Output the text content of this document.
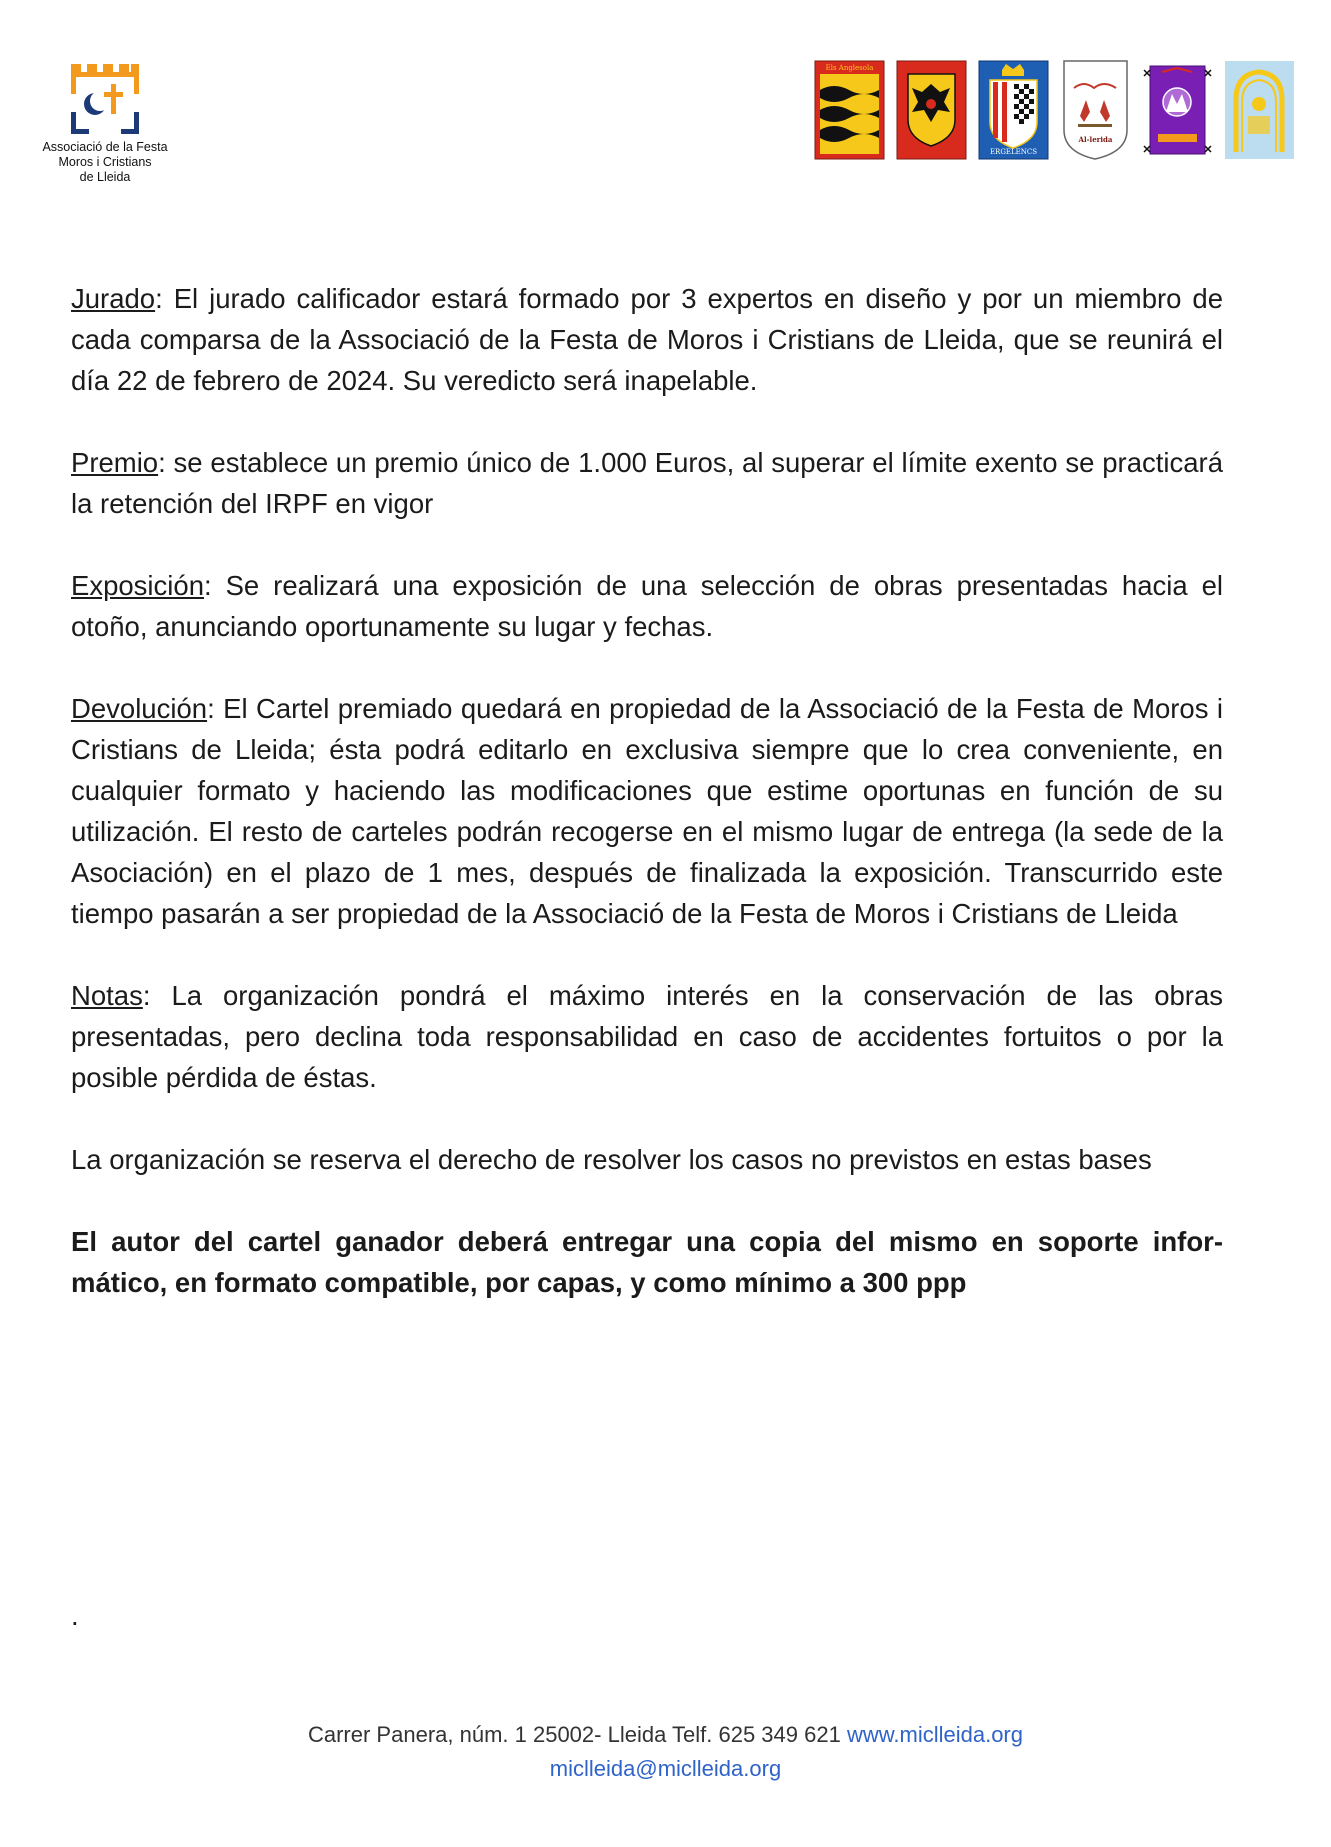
Associació de la Festa
Moros i Cristians
de Lleida
Els Anglesola
ERGELENCS
Al-lerida

Jurado: El jurado calificador estará formado por 3 expertos en diseño y por un miembro de cada comparsa de la Associació de la Festa de Moros i Cristians de Lleida, que se reunirá el día 22 de febrero de 2024. Su veredicto será inapelable.

Premio: se establece un premio único de 1.000 Euros, al superar el límite exento se practicará la retención del IRPF en vigor

Exposición: Se realizará una exposición de una selección de obras presentadas hacia el otoño, anunciando oportunamente su lugar y fechas.

Devolución: El Cartel premiado quedará en propiedad de la Associació de la Festa de Moros i Cristians de Lleida; ésta podrá editarlo en exclusiva siempre que lo crea conveniente, en cualquier formato y haciendo las modificaciones que estime oportunas en función de su utilización. El resto de carteles podrán recogerse en el mismo lugar de entrega (la sede de la Asociación) en el plazo de 1 mes, después de finalizada la exposición. Transcurrido este tiempo pasarán a ser propiedad de la Associació de la Festa de Moros i Cristians de Lleida

Notas: La organización pondrá el máximo interés en la conservación de las obras presentadas, pero declina toda responsabilidad en caso de accidentes fortuitos o por la posible pérdida de éstas.

La organización se reserva el derecho de resolver los casos no previstos en estas bases

El autor del cartel ganador deberá entregar una copia del mismo en soporte informático, en formato compatible, por capas, y como mínimo a 300 ppp

.
Carrer Panera, núm. 1 25002- Lleida Telf. 625 349 621 www.miclleida.org
miclleida@miclleida.org
